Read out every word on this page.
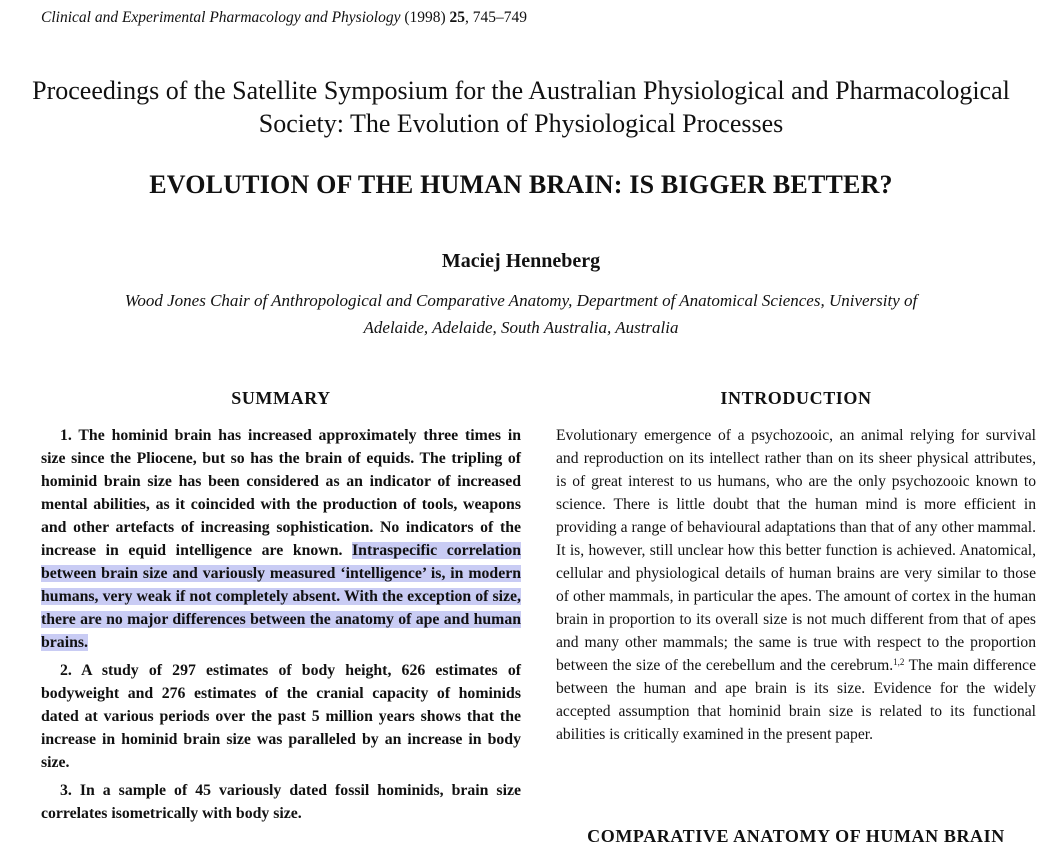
Clinical and Experimental Pharmacology and Physiology (1998) 25, 745–749
Proceedings of the Satellite Symposium for the Australian Physiological and Pharmacological Society: The Evolution of Physiological Processes
EVOLUTION OF THE HUMAN BRAIN: IS BIGGER BETTER?
Maciej Henneberg
Wood Jones Chair of Anthropological and Comparative Anatomy, Department of Anatomical Sciences, University of Adelaide, Adelaide, South Australia, Australia
SUMMARY	INTRODUCTION

1. The hominid brain has increased approximately three times in size since the Pliocene, but so has the brain of equids. The tripling of hominid brain size has been considered as an indicator of increased mental abilities, as it coincided with the production of tools, weapons and other artefacts of increasing sophistication. No indicators of the increase in equid intelligence are known. Intraspecific correlation between brain size and variously measured ‘intelligence’ is, in modern humans, very weak if not completely absent. With the exception of size, there are no major differences between the anatomy of ape and human brains.

2. A study of 297 estimates of body height, 626 estimates of bodyweight and 276 estimates of the cranial capacity of hominids dated at various periods over the past 5 million years shows that the increase in hominid brain size was paralleled by an increase in body size.

3. In a sample of 45 variously dated fossil hominids, brain size correlates isometrically with body size.

Evolutionary emergence of a psychozooic, an animal relying for survival and reproduction on its intellect rather than on its sheer physical attributes, is of great interest to us humans, who are the only psychozooic known to science. There is little doubt that the human mind is more efficient in providing a range of behavioural adaptations than that of any other mammal. It is, however, still unclear how this better function is achieved. Anatomical, cellular and physiological details of human brains are very similar to those of other mammals, in particular the apes. The amount of cortex in the human brain in proportion to its overall size is not much different from that of apes and many other mammals; the same is true with respect to the proportion between the size of the cerebellum and the cerebrum.$^{1,2}$ The main difference between the human and ape brain is its size. Evidence for the widely accepted assumption that hominid brain size is related to its functional abilities is critically examined in the present paper.

COMPARATIVE ANATOMY OF HUMAN BRAIN
